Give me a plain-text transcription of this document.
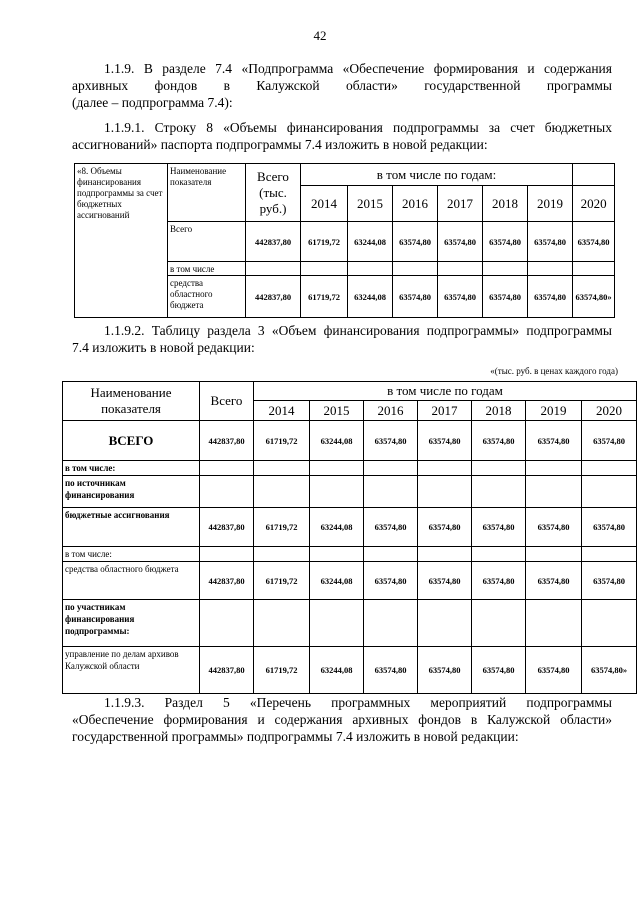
42
1.1.9. В разделе 7.4 «Подпрограмма «Обеспечение формирования и содержания
архивных фондов в Калужской области» государственной программы
(далее – подпрограмма 7.4):
1.1.9.1. Строку 8 «Объемы финансирования подпрограммы за счет бюджетных
ассигнований» паспорта подпрограммы 7.4 изложить в новой редакции:
«8. Объемы финансирования подпрограммы за счет бюджетных ассигнований	Наименование показателя	Всего (тыс. руб.)	в том числе по годам:						
			2014	2015	2016	2017	2018	2019	2020
	Всего	442837,80	61719,72	63244,08	63574,80	63574,80	63574,80	63574,80	63574,80
	в том числе								
	средства областного бюджета	442837,80	61719,72	63244,08	63574,80	63574,80	63574,80	63574,80	63574,80»
1.1.9.2. Таблицу раздела 3 «Объем финансирования подпрограммы» подпрограммы
7.4 изложить в новой редакции:
«(тыс. руб. в ценах каждого года)
Наименование показателя	Всего	в том числе по годам						
		2014	2015	2016	2017	2018	2019	2020
ВСЕГО	442837,80	61719,72	63244,08	63574,80	63574,80	63574,80	63574,80	63574,80
в том числе:								
по источникам финансирования								
бюджетные ассигнования	442837,80	61719,72	63244,08	63574,80	63574,80	63574,80	63574,80	63574,80
в том числе:								
средства областного бюджета	442837,80	61719,72	63244,08	63574,80	63574,80	63574,80	63574,80	63574,80
по участникам финансирования подпрограммы:								
управление по делам архивов Калужской области	442837,80	61719,72	63244,08	63574,80	63574,80	63574,80	63574,80	63574,80»
1.1.9.3. Раздел 5 «Перечень программных мероприятий подпрограммы
«Обеспечение формирования и содержания архивных фондов в Калужской области»
государственной программы» подпрограммы 7.4 изложить в новой редакции:
